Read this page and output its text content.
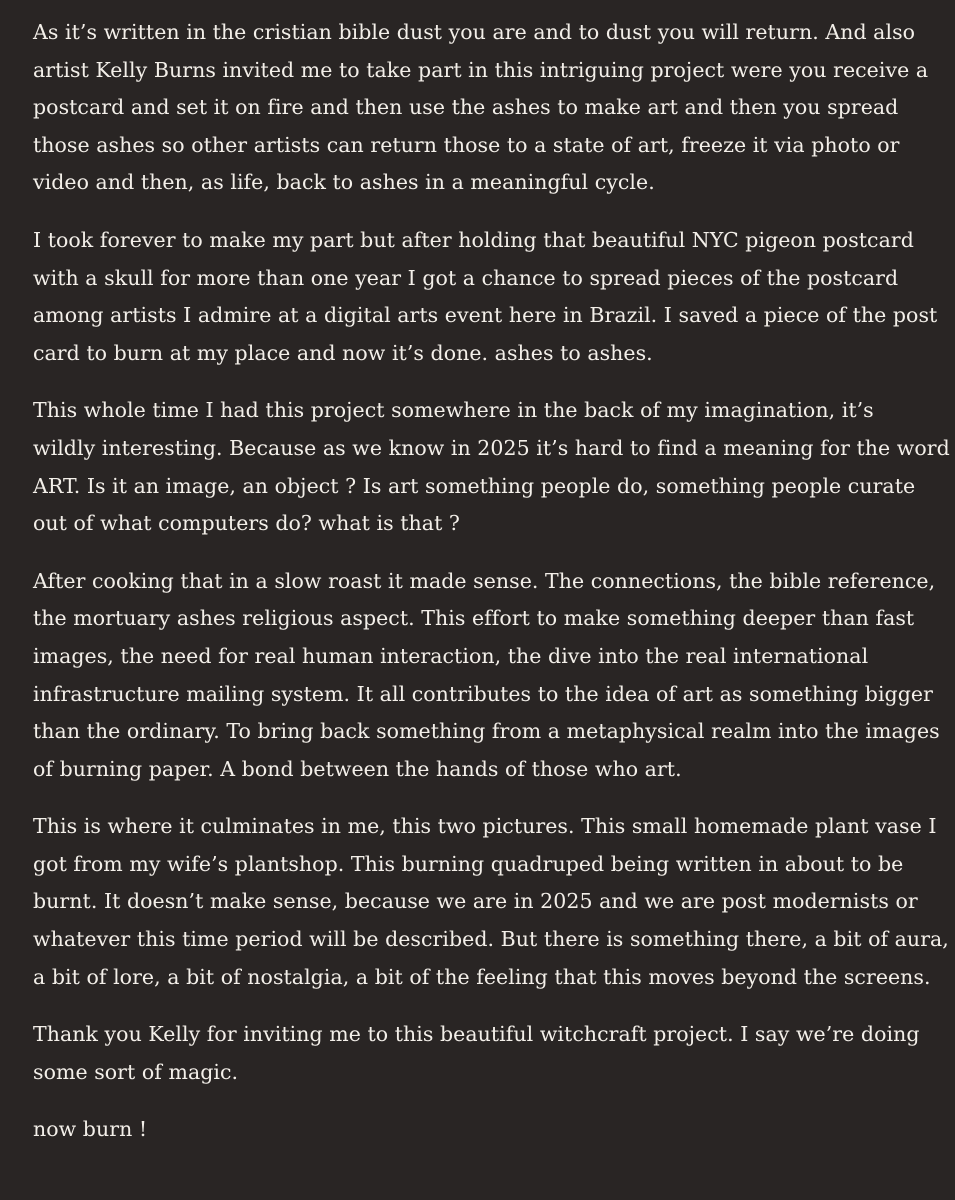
As it’s written in the cristian bible dust you are and to dust you will return. And also
artist Kelly Burns invited me to take part in this intriguing project were you receive a
postcard and set it on fire and then use the ashes to make art and then you spread
those ashes so other artists can return those to a state of art, freeze it via photo or
video and then, as life, back to ashes in a meaningful cycle.

I took forever to make my part but after holding that beautiful NYC pigeon postcard
with a skull for more than one year I got a chance to spread pieces of the postcard
among artists I admire at a digital arts event here in Brazil. I saved a piece of the post
card to burn at my place and now it’s done. ashes to ashes.

This whole time I had this project somewhere in the back of my imagination, it’s
wildly interesting. Because as we know in 2025 it’s hard to find a meaning for the word
ART. Is it an image, an object ? Is art something people do, something people curate
out of what computers do? what is that ?

After cooking that in a slow roast it made sense. The connections, the bible reference,
the mortuary ashes religious aspect. This effort to make something deeper than fast
images, the need for real human interaction, the dive into the real international
infrastructure mailing system. It all contributes to the idea of art as something bigger
than the ordinary. To bring back something from a metaphysical realm into the images
of burning paper. A bond between the hands of those who art.

This is where it culminates in me, this two pictures. This small homemade plant vase I
got from my wife’s plantshop. This burning quadruped being written in about to be
burnt. It doesn’t make sense, because we are in 2025 and we are post modernists or
whatever this time period will be described. But there is something there, a bit of aura,
a bit of lore, a bit of nostalgia, a bit of the feeling that this moves beyond the screens.

Thank you Kelly for inviting me to this beautiful witchcraft project. I say we’re doing
some sort of magic.

now burn !
